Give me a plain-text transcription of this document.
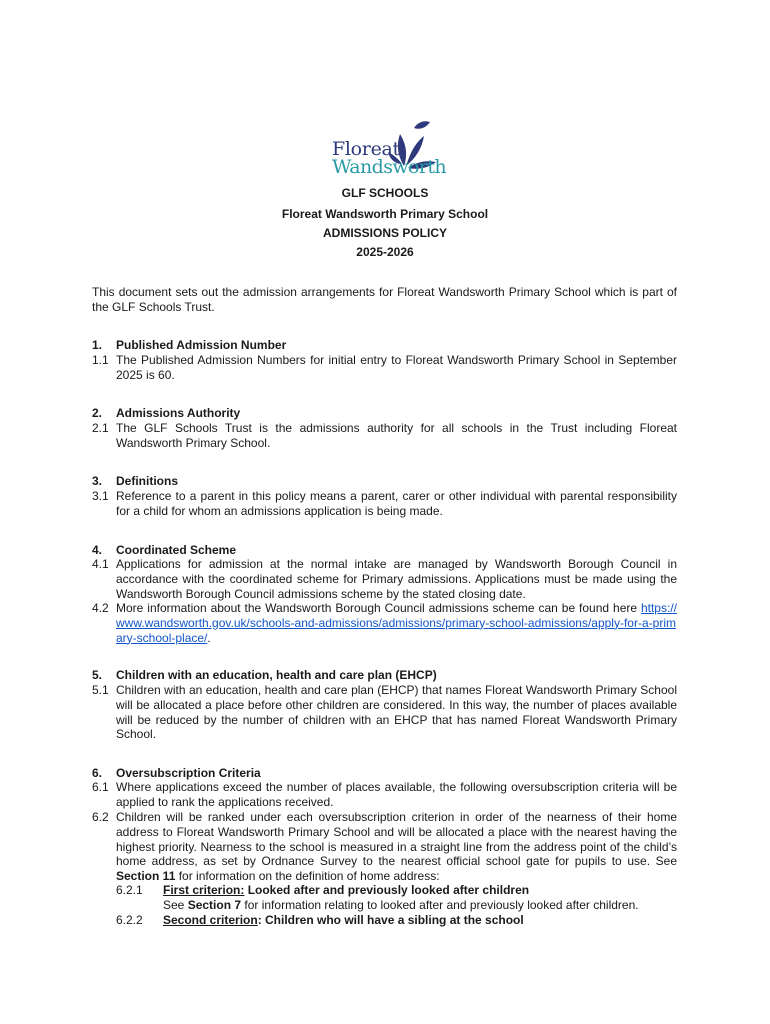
Floreat
Wandsworth
GLF SCHOOLS
Floreat Wandsworth Primary School
ADMISSIONS POLICY
2025-2026
This document sets out the admission arrangements for Floreat Wandsworth Primary School which is part of the GLF Schools Trust.
1. Published Admission Number
1.1 The Published Admission Numbers for initial entry to Floreat Wandsworth Primary School in September 2025 is 60.
2. Admissions Authority
2.1 The GLF Schools Trust is the admissions authority for all schools in the Trust including Floreat Wandsworth Primary School.
3. Definitions
3.1 Reference to a parent in this policy means a parent, carer or other individual with parental responsibility for a child for whom an admissions application is being made.
4. Coordinated Scheme
4.1 Applications for admission at the normal intake are managed by Wandsworth Borough Council in accordance with the coordinated scheme for Primary admissions. Applications must be made using the Wandsworth Borough Council admissions scheme by the stated closing date.
4.2 More information about the Wandsworth Borough Council admissions scheme can be found here https://www.wandsworth.gov.uk/schools-and-admissions/admissions/primary-school-admissions/apply-for-a-primary-school-place/.
5. Children with an education, health and care plan (EHCP)
5.1 Children with an education, health and care plan (EHCP) that names Floreat Wandsworth Primary School will be allocated a place before other children are considered. In this way, the number of places available will be reduced by the number of children with an EHCP that has named Floreat Wandsworth Primary School.
6. Oversubscription Criteria
6.1 Where applications exceed the number of places available, the following oversubscription criteria will be applied to rank the applications received.
6.2 Children will be ranked under each oversubscription criterion in order of the nearness of their home address to Floreat Wandsworth Primary School and will be allocated a place with the nearest having the highest priority. Nearness to the school is measured in a straight line from the address point of the child’s home address, as set by Ordnance Survey to the nearest official school gate for pupils to use. See Section 11 for information on the definition of home address:
6.2.1 First criterion: Looked after and previously looked after children
See Section 7 for information relating to looked after and previously looked after children.
6.2.2 Second criterion: Children who will have a sibling at the school
